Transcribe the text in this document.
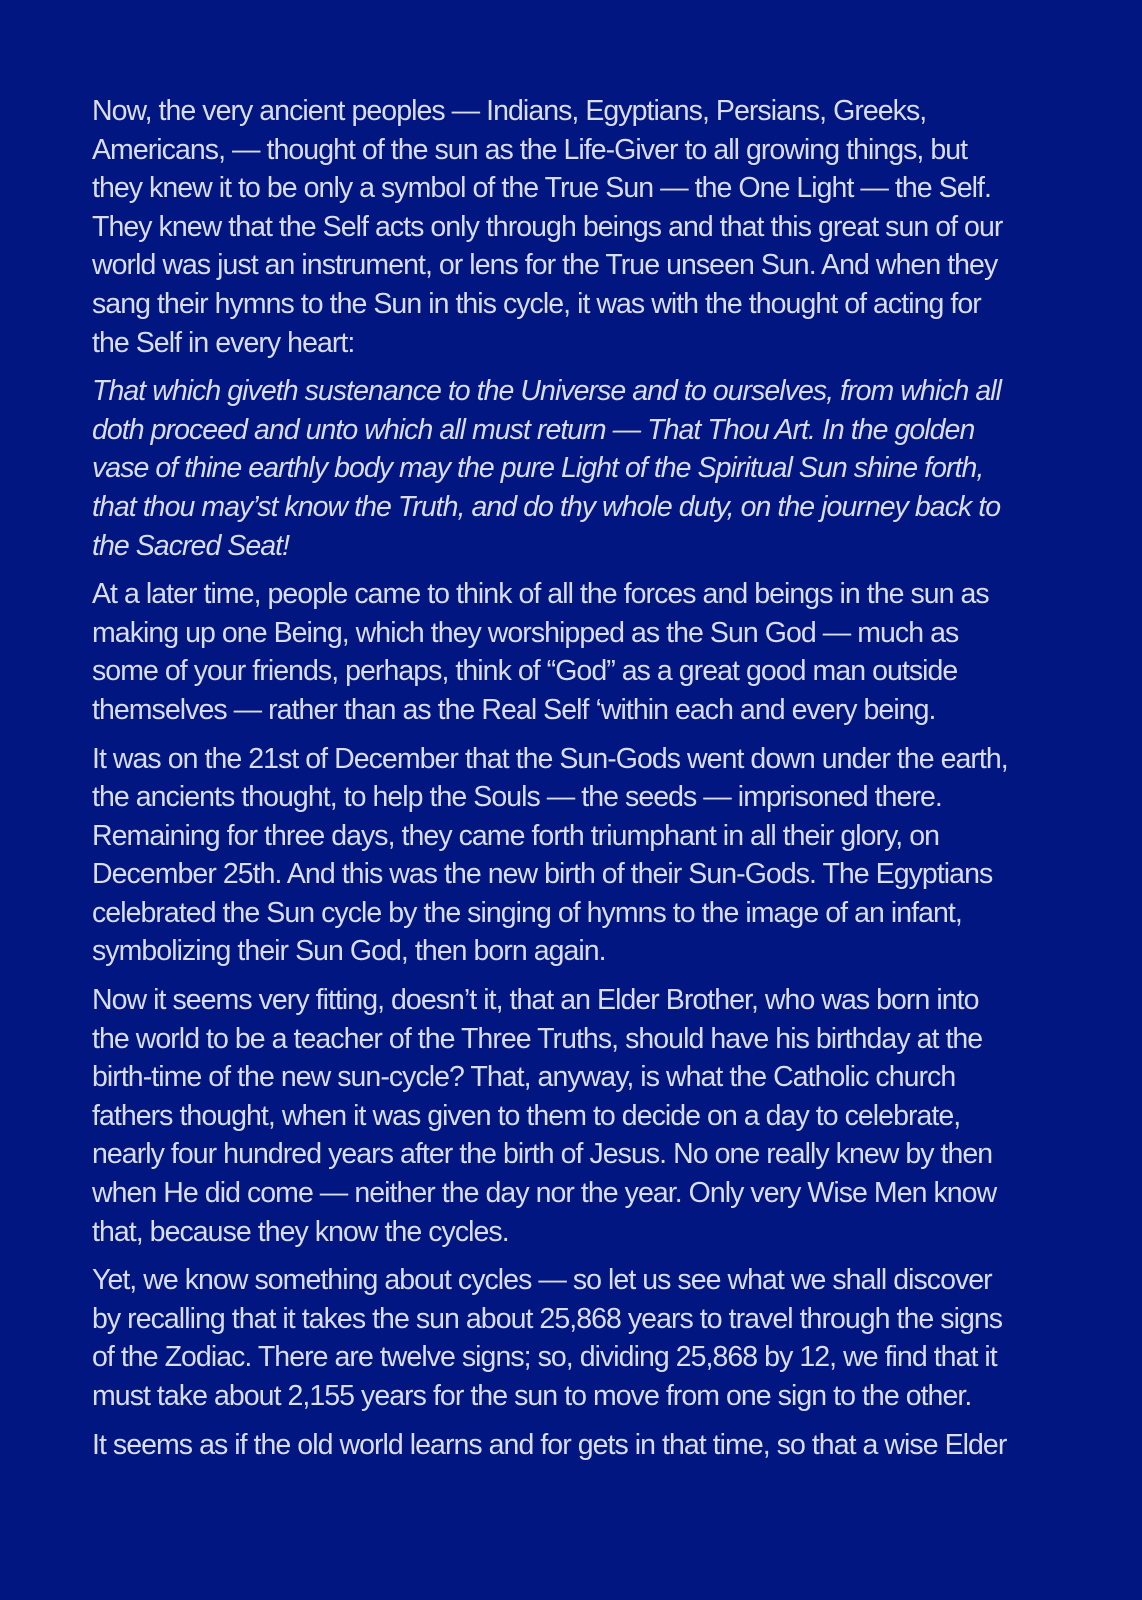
Now, the very ancient peoples — Indians, Egyptians, Persians, Greeks,
Americans, — thought of the sun as the Life-Giver to all growing things, but
they knew it to be only a symbol of the True Sun — the One Light — the Self.
They knew that the Self acts only through beings and that this great sun of our
world was just an instrument, or lens for the True unseen Sun. And when they
sang their hymns to the Sun in this cycle, it was with the thought of acting for
the Self in every heart:

That which giveth sustenance to the Universe and to ourselves, from which all
doth proceed and unto which all must return — That Thou Art. In the golden
vase of thine earthly body may the pure Light of the Spiritual Sun shine forth,
that thou may’st know the Truth, and do thy whole duty, on the journey back to
the Sacred Seat!

At a later time, people came to think of all the forces and beings in the sun as
making up one Being, which they worshipped as the Sun God — much as
some of your friends, perhaps, think of “God” as a great good man outside
themselves — rather than as the Real Self ‘within each and every being.

It was on the 21st of December that the Sun-Gods went down under the earth,
the ancients thought, to help the Souls — the seeds — imprisoned there.
Remaining for three days, they came forth triumphant in all their glory, on
December 25th. And this was the new birth of their Sun-Gods. The Egyptians
celebrated the Sun cycle by the singing of hymns to the image of an infant,
symbolizing their Sun God, then born again.

Now it seems very fitting, doesn’t it, that an Elder Brother, who was born into
the world to be a teacher of the Three Truths, should have his birthday at the
birth-time of the new sun-cycle? That, anyway, is what the Catholic church
fathers thought, when it was given to them to decide on a day to celebrate,
nearly four hundred years after the birth of Jesus. No one really knew by then
when He did come — neither the day nor the year. Only very Wise Men know
that, because they know the cycles.

Yet, we know something about cycles — so let us see what we shall discover
by recalling that it takes the sun about 25,868 years to travel through the signs
of the Zodiac. There are twelve signs; so, dividing 25,868 by 12, we find that it
must take about 2,155 years for the sun to move from one sign to the other.

It seems as if the old world learns and for gets in that time, so that a wise Elder
